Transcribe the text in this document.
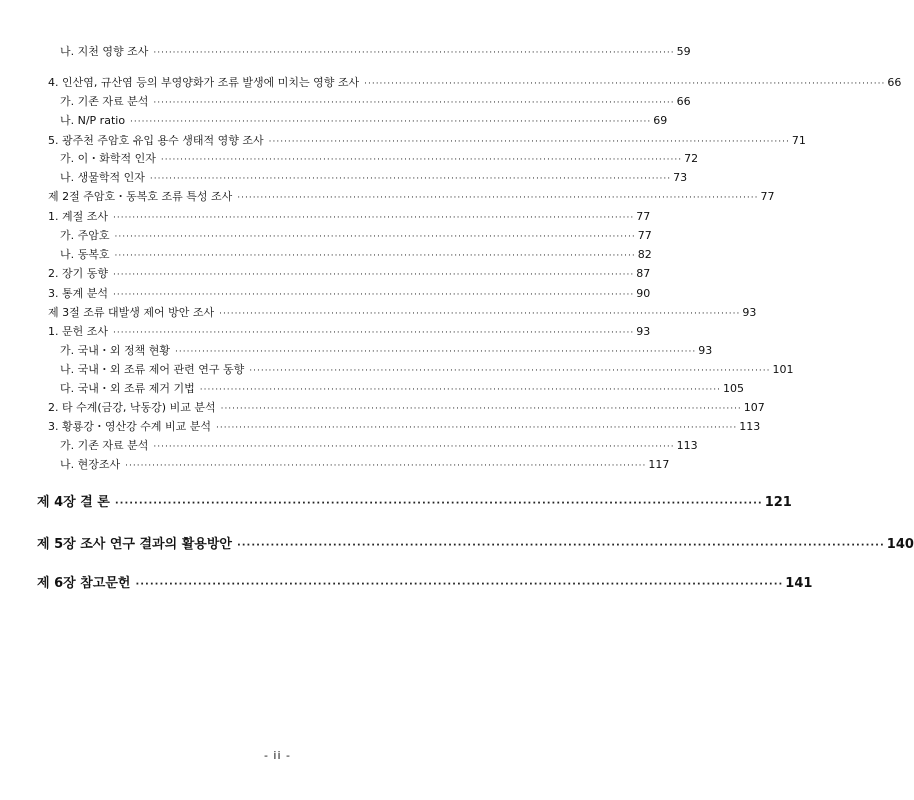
나. 지천 영향 조사 ······································································································································· 59
4. 인산염, 규산염 등의 부영양화가 조류 발생에 미치는 영향 조사 ······································································································································· 66
가. 기존 자료 분석 ······································································································································· 66
나. N/P ratio ······································································································································· 69
5. 광주천 주암호 유입 용수 생태적 영향 조사 ······································································································································· 71
가. 이・화학적 인자 ······································································································································· 72
나. 생물학적 인자 ······································································································································· 73
제 2절 주암호・동복호 조류 특성 조사 ······································································································································· 77
1. 계절 조사 ······································································································································· 77
가. 주암호 ······································································································································· 77
나. 동복호 ······································································································································· 82
2. 장기 동향 ······································································································································· 87
3. 통계 분석 ······································································································································· 90
제 3절 조류 대발생 제어 방안 조사 ······································································································································· 93
1. 문헌 조사 ······································································································································· 93
가. 국내・외 정책 현황 ······································································································································· 93
나. 국내・외 조류 제어 관련 연구 동향 ······································································································································· 101
다. 국내・외 조류 제거 기법 ······································································································································· 105
2. 타 수계(금강, 낙동강) 비교 분석 ······································································································································· 107
3. 황룡강・영산강 수계 비교 분석 ······································································································································· 113
가. 기존 자료 분석 ······································································································································· 113
나. 현장조사 ······································································································································· 117
제 4장 결 론 ······································································································································· 121
제 5장 조사 연구 결과의 활용방안 ······································································································································· 140
제 6장 참고문헌 ······································································································································· 141
- ii -
